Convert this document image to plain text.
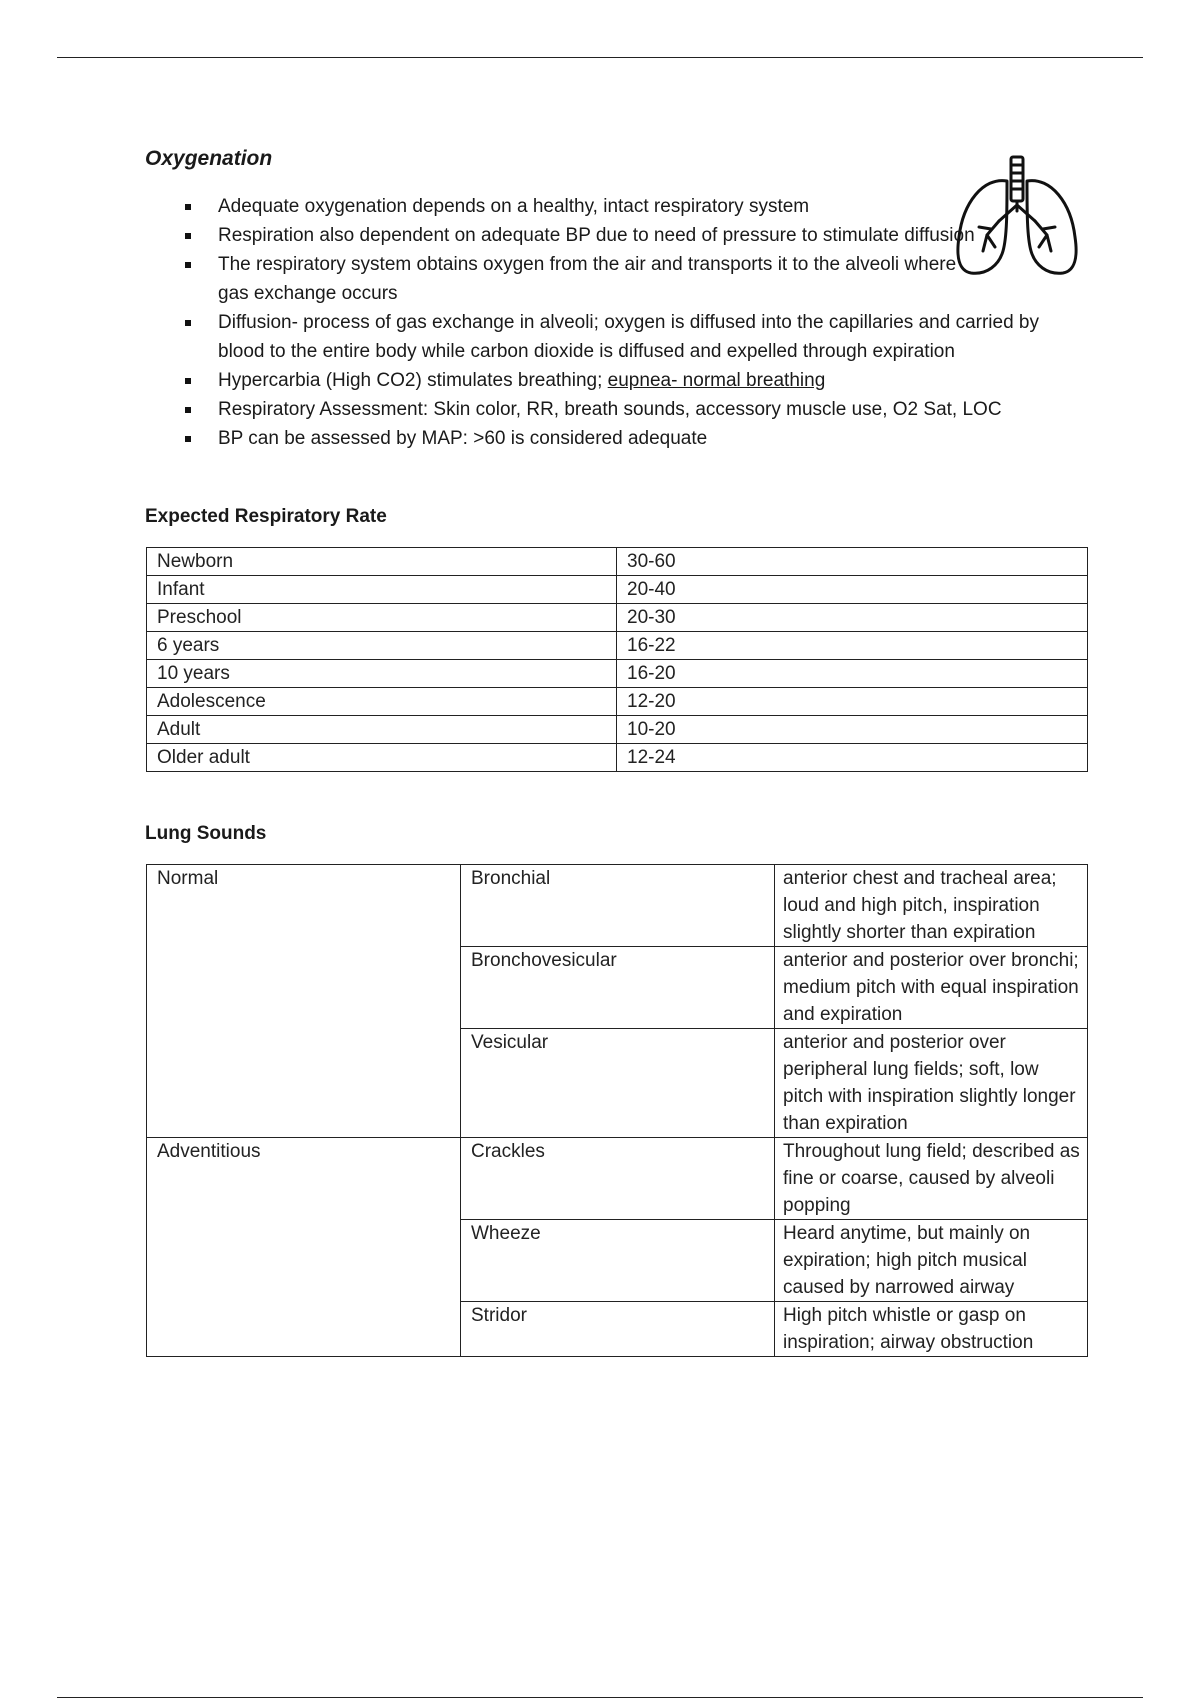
Oxygenation
Adequate oxygenation depends on a healthy, intact respiratory system
Respiration also dependent on adequate BP due to need of pressure to stimulate diffusion
The respiratory system obtains oxygen from the air and transports it to the alveoli where gas exchange occurs
Diffusion- process of gas exchange in alveoli; oxygen is diffused into the capillaries and carried by blood to the entire body while carbon dioxide is diffused and expelled through expiration
Hypercarbia (High CO2) stimulates breathing; eupnea- normal breathing
Respiratory Assessment: Skin color, RR, breath sounds, accessory muscle use, O2 Sat, LOC
BP can be assessed by MAP: >60 is considered adequate
Expected Respiratory Rate
Newborn	30-60
Infant	20-40
Preschool	20-30
6 years	16-22
10 years	16-20
Adolescence	12-20
Adult	10-20
Older adult	12-24
Lung Sounds
Normal	Bronchial	anterior chest and tracheal area; loud and high pitch, inspiration slightly shorter than expiration
	Bronchovesicular	anterior and posterior over bronchi; medium pitch with equal inspiration and expiration
	Vesicular	anterior and posterior over peripheral lung fields; soft, low pitch with inspiration slightly longer than expiration
Adventitious	Crackles	Throughout lung field; described as fine or coarse, caused by alveoli popping
	Wheeze	Heard anytime, but mainly on expiration; high pitch musical caused by narrowed airway
	Stridor	High pitch whistle or gasp on inspiration; airway obstruction
